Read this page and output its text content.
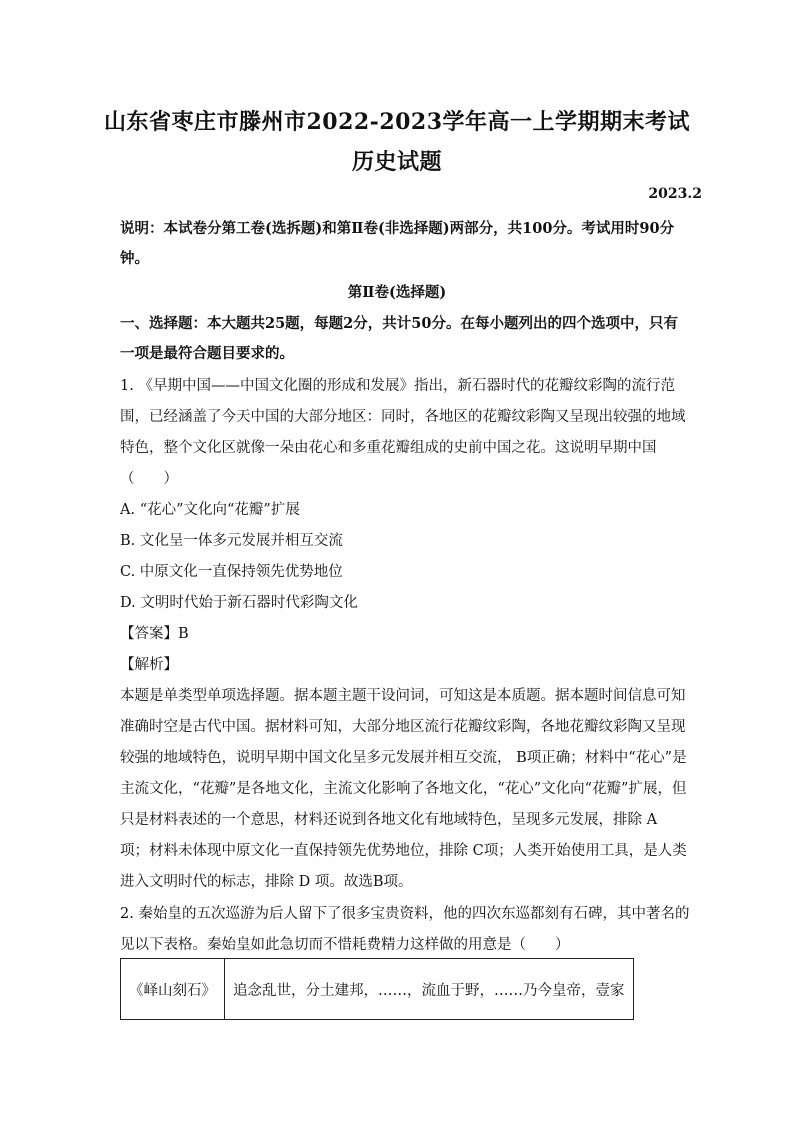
山东省枣庄市滕州市2022-2023学年高一上学期期末考试
历史试题
2023.2
说明：本试卷分第工卷(选拆题)和第Ⅱ卷(非选择题)两部分，共100分。考试用时90分
钟。
第Ⅱ卷(选择题)
一、选择题：本大题共25题，每题2分，共计50分。在每小题列出的四个选项中，只有
一项是最符合题目要求的。
1. 《早期中国——中国文化圈的形成和发展》指出，新石器时代的花瓣纹彩陶的流行范
围，已经涵盖了今天中国的大部分地区：同时，各地区的花瓣纹彩陶又呈现出较强的地域
特色，整个文化区就像一朵由花心和多重花瓣组成的史前中国之花。这说明早期中国
（　　）
A. “花心”文化向“花瓣”扩展
B. 文化呈一体多元发展并相互交流
C. 中原文化一直保持领先优势地位
D. 文明时代始于新石器时代彩陶文化
【答案】B
【解析】
本题是单类型单项选择题。据本题主题干设问词，可知这是本质题。据本题时间信息可知
准确时空是古代中国。据材料可知，大部分地区流行花瓣纹彩陶，各地花瓣纹彩陶又呈现
较强的地域特色，说明早期中国文化呈多元发展并相互交流， B项正确；材料中“花心”是
主流文化，“花瓣”是各地文化，主流文化影响了各地文化，“花心”文化向“花瓣”扩展，但
只是材料表述的一个意思，材料还说到各地文化有地域特色，呈现多元发展，排除 A
项；材料未体现中原文化一直保持领先优势地位，排除 C项；人类开始使用工具，是人类
进入文明时代的标志，排除 D 项。故选B项。
2. 秦始皇的五次巡游为后人留下了很多宝贵资料，他的四次东巡都刻有石碑，其中著名的
见以下表格。秦始皇如此急切而不惜耗费精力这样做的用意是（　　）
《峄山刻石》	追念乱世，分土建邦，……，流血于野，……乃今皇帝，壹家
